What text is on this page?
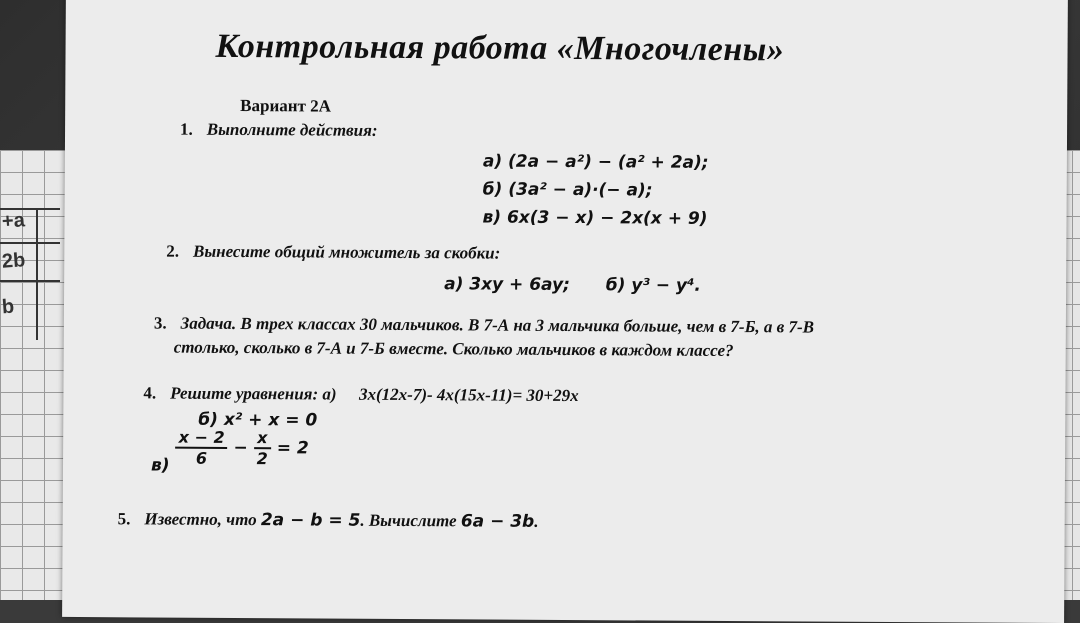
+a
2b
b
Контрольная работа «Многочлены»
Вариант 2А
1. Выполните действия:
а) (2a − a²) − (a² + 2a);
б) (3a² − a)·(− a);
в) 6x(3 − x) − 2x(x + 9)
2. Вынесите общий множитель за скобки:
а) 3xy + 6ay; б) y³ − y⁴.
3. Задача. В трех классах 30 мальчиков. В 7-А на 3 мальчика больше, чем в 7-Б, а в 7-В
столько, сколько в 7-А и 7-Б вместе. Сколько мальчиков в каждом классе?
4. Решите уравнения: а) 3x(12x-7)- 4x(15x-11)= 30+29x
б) x² + x = 0
$в) \frac{x - 2}{6} - \frac{x}{2} = 2$
5. Известно, что 2a − b = 5. Вычислите 6a − 3b.
